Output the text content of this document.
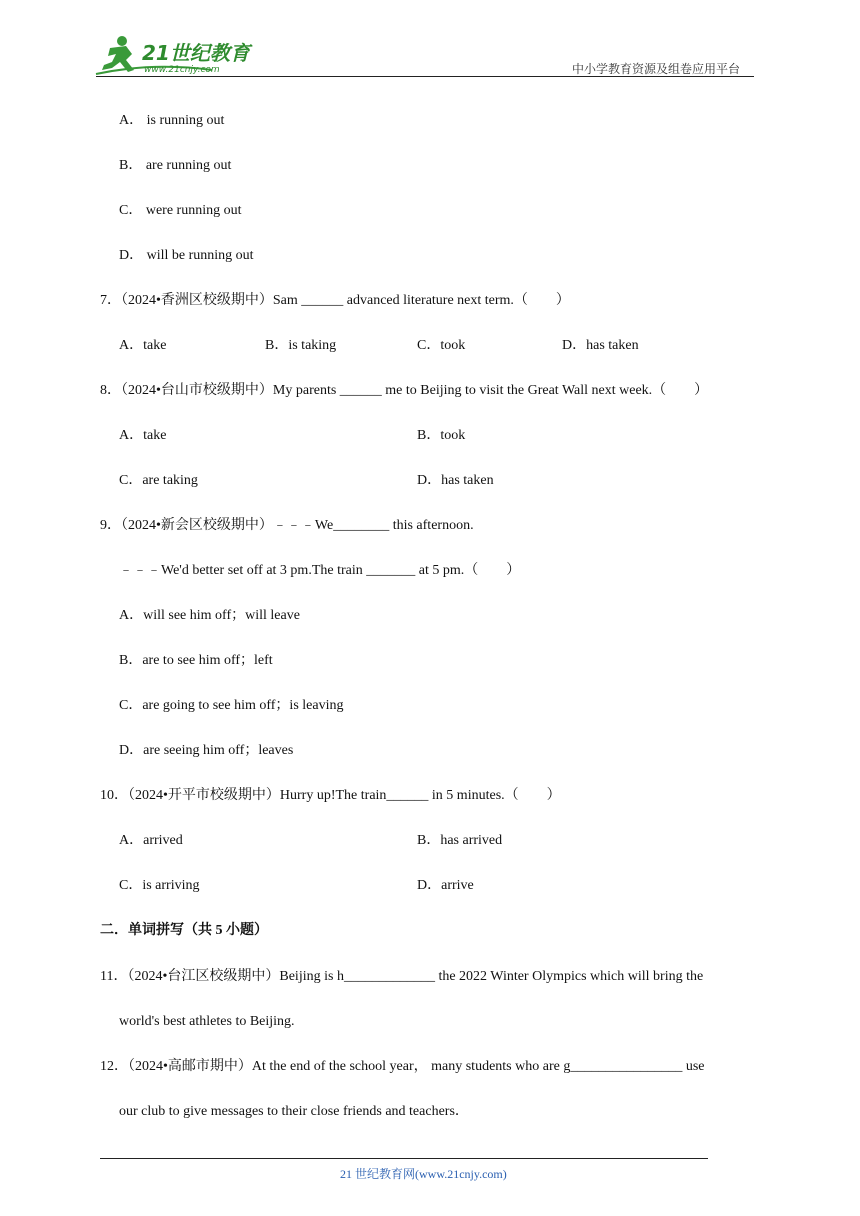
21世纪教育
www.21cnjy.com	中小学教育资源及组卷应用平台
A． is running out
B． are running out
C． were running out
D． will be running out
7．（2024•香洲区校级期中）Sam ______ advanced literature next term.（　　）
A．take	B．is taking	C．took	D．has taken
8．（2024•台山市校级期中）My parents ______ me to Beijing to visit the Great Wall next week.（　　）
A．take	B．took
C．are taking	D．has taken
9．（2024•新会区校级期中）﹣﹣﹣We________ this afternoon.
﹣﹣﹣We'd better set off at 3 pm.The train _______ at 5 pm.（　　）
A．will see him off；will leave
B．are to see him off；left
C．are going to see him off；is leaving
D．are seeing him off；leaves
10．（2024•开平市校级期中）Hurry up!The train______ in 5 minutes.（　　）
A．arrived	B．has arrived
C．is arriving	D．arrive
二．单词拼写（共 5 小题）
11．（2024•台江区校级期中）Beijing is h_____________ the 2022 Winter Olympics which will bring the
world's best athletes to Beijing.
12．（2024•高邮市期中）At the end of the school year， many students who are g________________ use
our club to give messages to their close friends and teachers．
21 世纪教育网(www.21cnjy.com)
